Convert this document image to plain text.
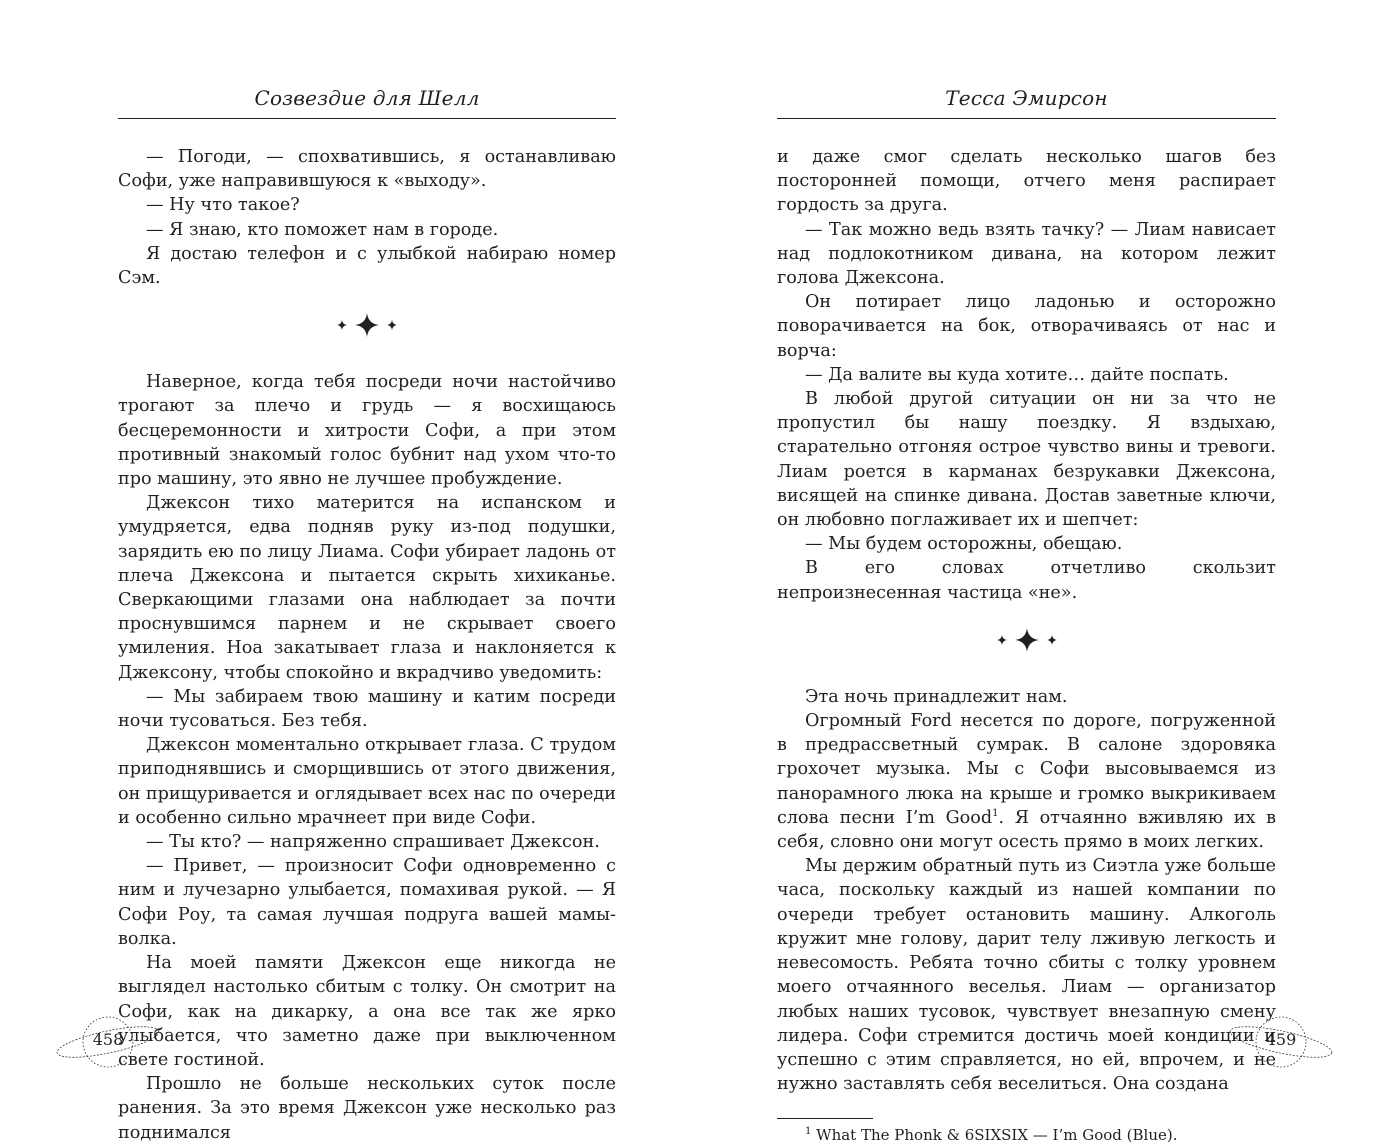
Созвездие для Шелл

— Погоди, — спохватившись, я останавливаю Софи, уже направившуюся к «выходу».

— Ну что такое?

— Я знаю, кто поможет нам в городе.

Я достаю телефон и с улыбкой набираю номер Сэм.

Наверное, когда тебя посреди ночи настойчиво трогают за плечо и грудь — я восхищаюсь бесцеремонности и хитрости Софи, а при этом противный знакомый голос бубнит над ухом что-то про машину, это явно не лучшее пробуждение.

Джексон тихо матерится на испанском и умудряется, едва подняв руку из-под подушки, зарядить ею по лицу Лиама. Софи убирает ладонь от плеча Джексона и пытается скрыть хихиканье. Сверкающими глазами она наблюдает за почти проснувшимся парнем и не скрывает своего умиления. Ноа закатывает глаза и наклоняется к Джексону, чтобы спокойно и вкрадчиво уведомить:

— Мы забираем твою машину и катим посреди ночи тусоваться. Без тебя.

Джексон моментально открывает глаза. С трудом приподнявшись и сморщившись от этого движения, он прищуривается и оглядывает всех нас по очереди и особенно сильно мрачнеет при виде Софи.

— Ты кто? — напряженно спрашивает Джексон.

— Привет, — произносит Софи одновременно с ним и лучезарно улыбается, помахивая рукой. — Я Софи Роу, та самая лучшая подруга вашей мамы-волка.

На моей памяти Джексон еще никогда не выглядел настолько сбитым с толку. Он смотрит на Софи, как на дикарку, а она все так же ярко улыбается, что заметно даже при выключенном свете гостиной.

Прошло не больше нескольких суток после ранения. За это время Джексон уже несколько раз поднимался

458
Тесса Эмирсон

и даже смог сделать несколько шагов без посторонней помощи, отчего меня распирает гордость за друга.

— Так можно ведь взять тачку? — Лиам нависает над подлокотником дивана, на котором лежит голова Джексона.

Он потирает лицо ладонью и осторожно поворачивается на бок, отворачиваясь от нас и ворча:

— Да валите вы куда хотите… дайте поспать.

В любой другой ситуации он ни за что не пропустил бы нашу поездку. Я вздыхаю, старательно отгоняя острое чувство вины и тревоги. Лиам роется в карманах безрукавки Джексона, висящей на спинке дивана. Достав заветные ключи, он любовно поглаживает их и шепчет:

— Мы будем осторожны, обещаю.

В его словах отчетливо скользит непроизнесенная частица «не».

Эта ночь принадлежит нам.

Огромный Ford несется по дороге, погруженной в предрассветный сумрак. В салоне здоровяка грохочет музыка. Мы с Софи высовываемся из панорамного люка на крыше и громко выкрикиваем слова песни I’m Good$^1$. Я отчаянно вживляю их в себя, словно они могут осесть прямо в моих легких.

Мы держим обратный путь из Сиэтла уже больше часа, поскольку каждый из нашей компании по очереди требует остановить машину. Алкоголь кружит мне голову, дарит телу лживую легкость и невесомость. Ребята точно сбиты с толку уровнем моего отчаянного веселья. Лиам — организатор любых наших тусовок, чувствует внезапную смену лидера. Софи стремится достичь моей кондиции и успешно с этим справляется, но ей, впрочем, и не нужно заставлять себя веселиться. Она создана

$^1$ What The Phonk & 6SIXSIX — I’m Good (Blue).

459
